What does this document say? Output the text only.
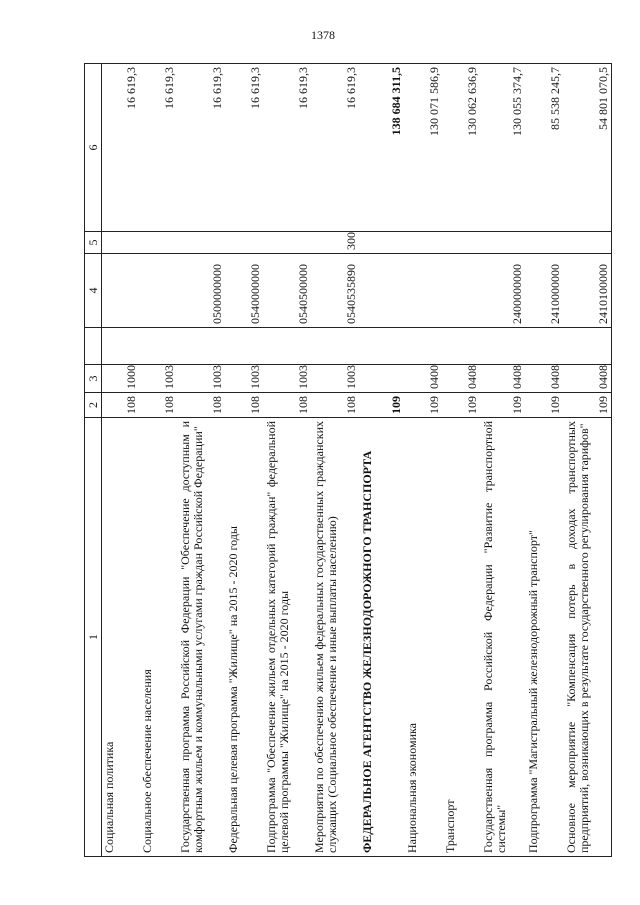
1378
1	2	3		4	5	6
Социальная политика	108	1000				16 619,3
Социальное обеспечение населения	108	1003				16 619,3
Государственная программа Российской Федерации "Обеспечение доступным и комфортным жильем и коммунальными услугами граждан Российской Федерации"	108	1003		0500000000		16 619,3
Федеральная целевая программа "Жилище" на 2015 - 2020 годы	108	1003		0540000000		16 619,3
Подпрограмма "Обеспечение жильем отдельных категорий граждан" федеральной целевой программы "Жилище" на 2015 - 2020 годы	108	1003		0540500000		16 619,3
Мероприятия по обеспечению жильем федеральных государственных гражданских служащих (Социальное обеспечение и иные выплаты населению)	108	1003		0540535890	300	16 619,3
ФЕДЕРАЛЬНОЕ АГЕНТСТВО ЖЕЛЕЗНОДОРОЖНОГО ТРАНСПОРТА	109					138 684 311,5
Национальная экономика	109	0400				130 071 586,9
Транспорт	109	0408				130 062 636,9
Государственная программа Российской Федерации "Развитие транспортной системы"	109	0408		2400000000		130 055 374,7
Подпрограмма "Магистральный железнодорожный транспорт"	109	0408		2410000000		85 538 245,7
Основное мероприятие "Компенсация потерь в доходах транспортных предприятий, возникающих в результате государственного регулирования тарифов"	109	0408		2410100000		54 801 070,5
